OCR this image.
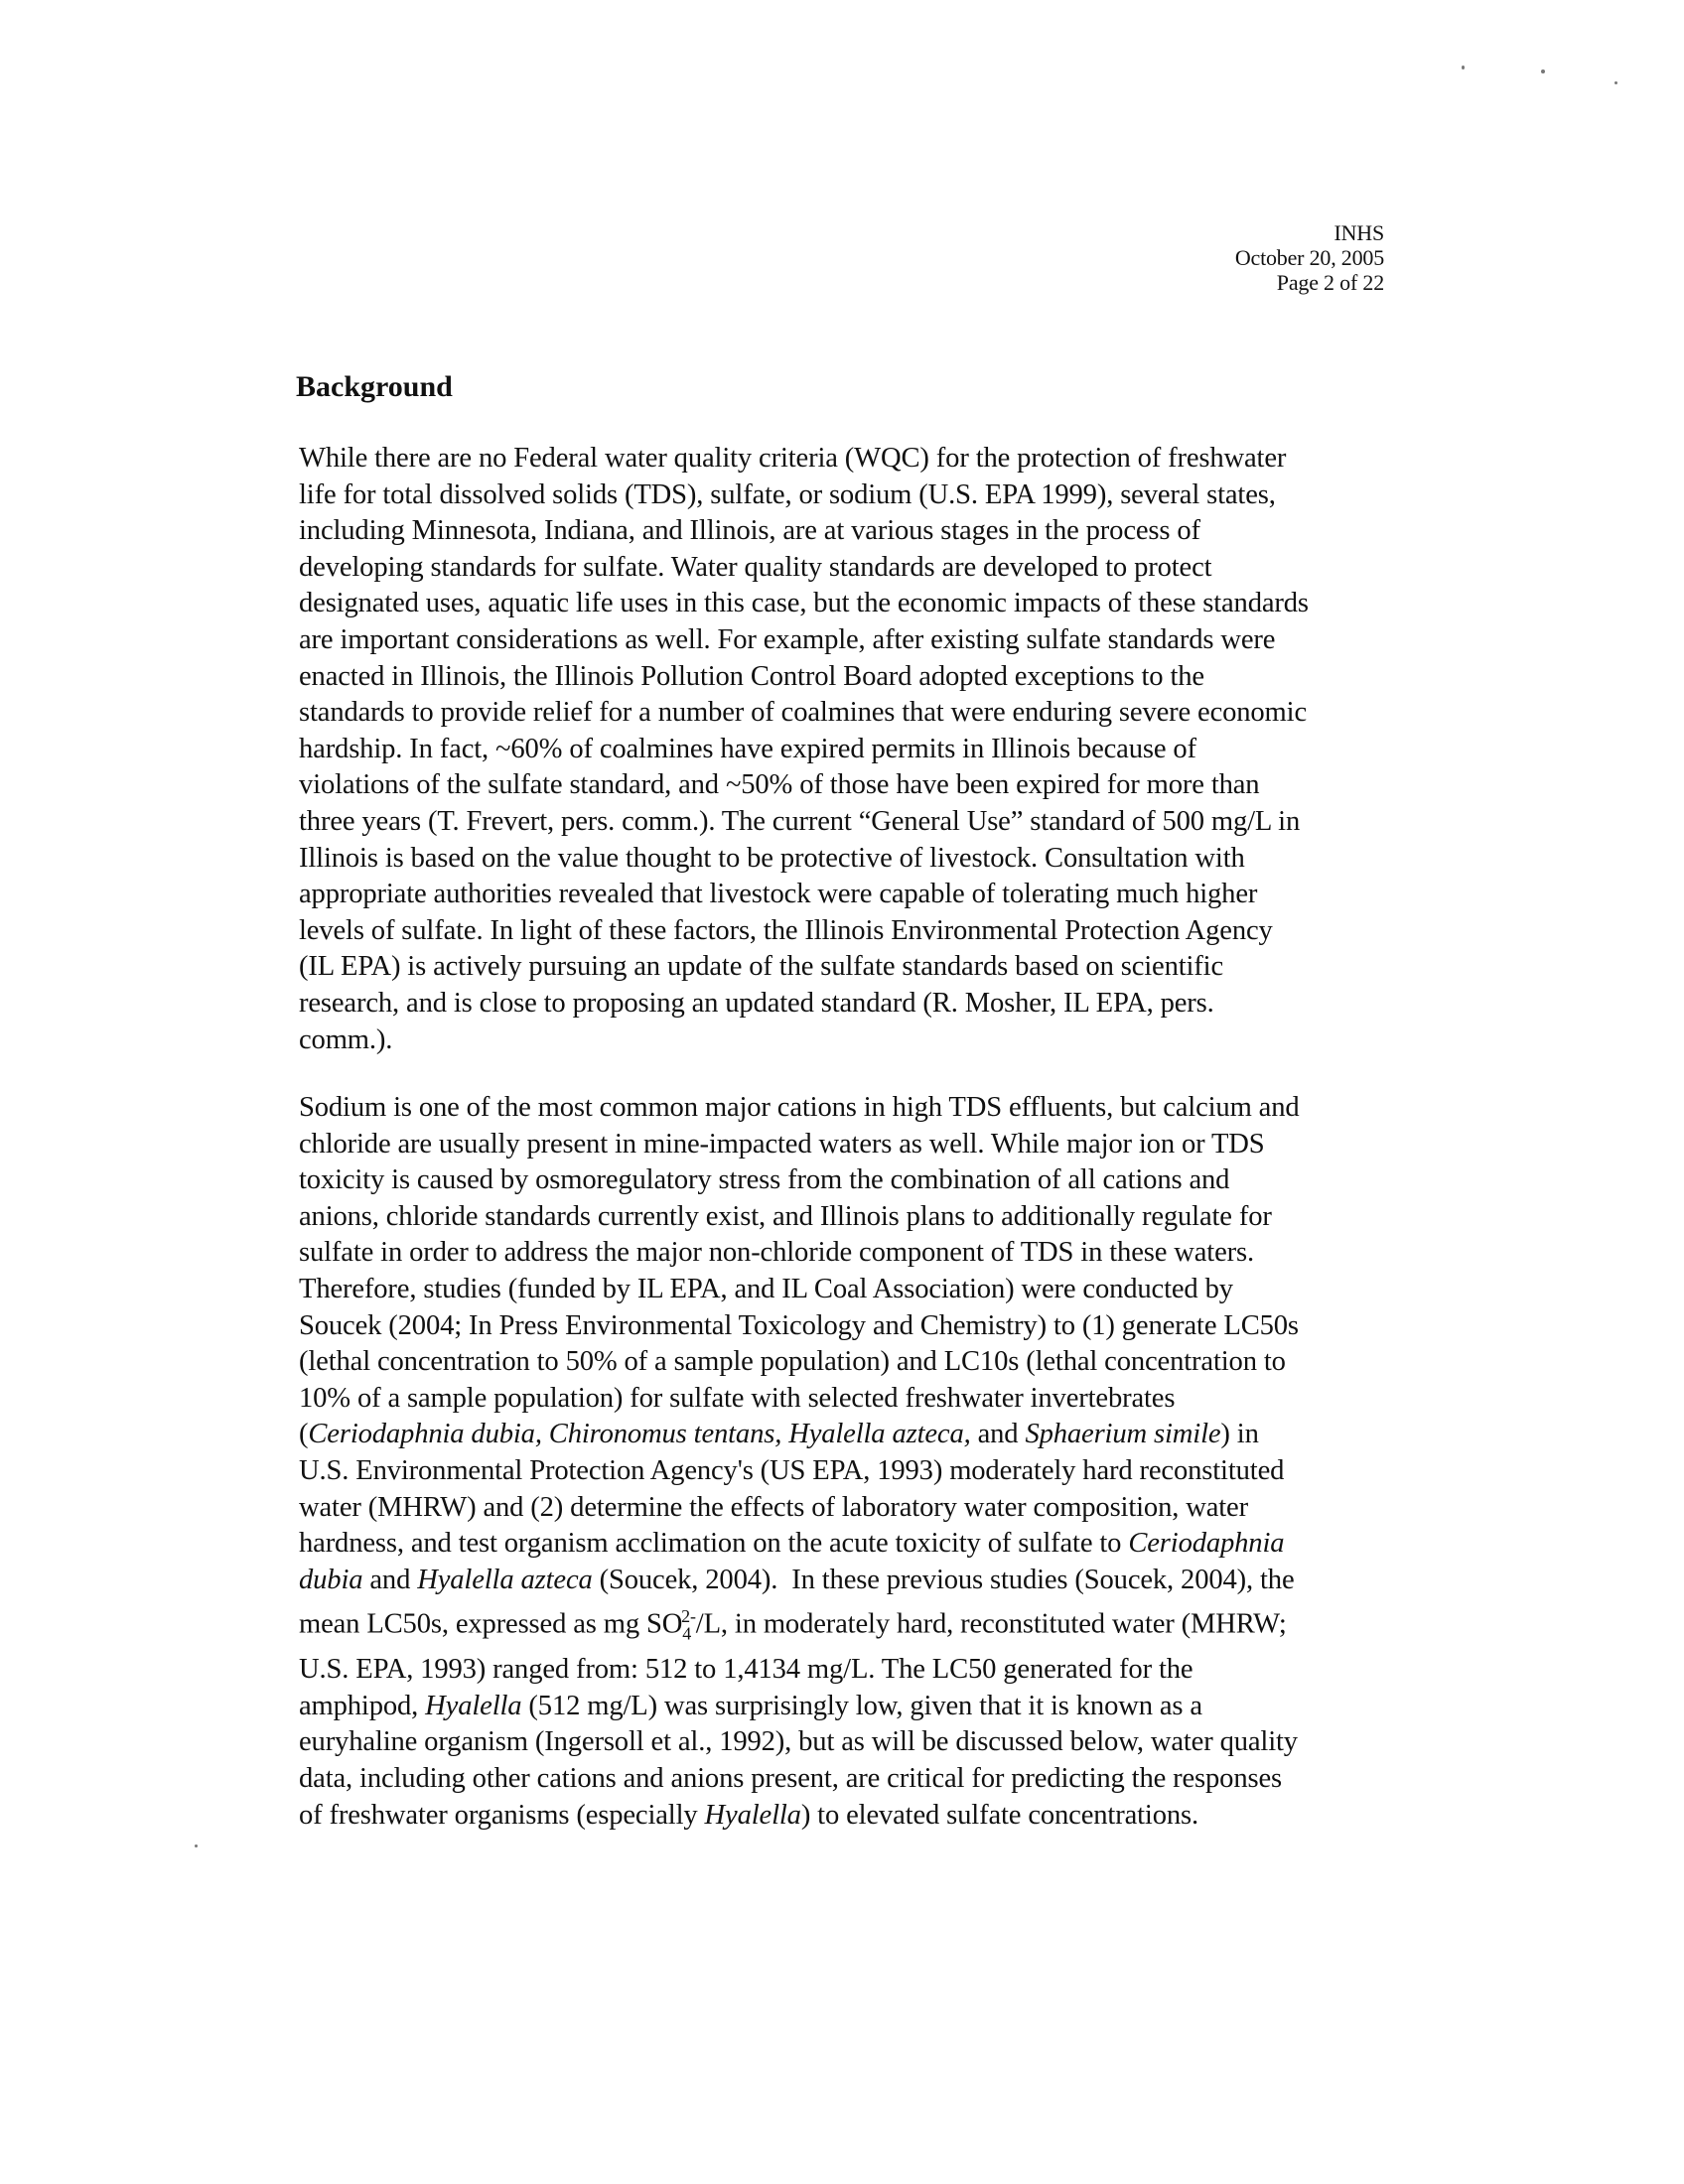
INHS
October 20, 2005
Page 2 of 22
Background

While there are no Federal water quality criteria (WQC) for the protection of freshwater
life for total dissolved solids (TDS), sulfate, or sodium (U.S. EPA 1999), several states,
including Minnesota, Indiana, and Illinois, are at various stages in the process of
developing standards for sulfate. Water quality standards are developed to protect
designated uses, aquatic life uses in this case, but the economic impacts of these standards
are important considerations as well. For example, after existing sulfate standards were
enacted in Illinois, the Illinois Pollution Control Board adopted exceptions to the
standards to provide relief for a number of coalmines that were enduring severe economic
hardship. In fact, ~60% of coalmines have expired permits in Illinois because of
violations of the sulfate standard, and ~50% of those have been expired for more than
three years (T. Frevert, pers. comm.). The current “General Use” standard of 500 mg/L in
Illinois is based on the value thought to be protective of livestock. Consultation with
appropriate authorities revealed that livestock were capable of tolerating much higher
levels of sulfate. In light of these factors, the Illinois Environmental Protection Agency
(IL EPA) is actively pursuing an update of the sulfate standards based on scientific
research, and is close to proposing an updated standard (R. Mosher, IL EPA, pers.
comm.).

Sodium is one of the most common major cations in high TDS effluents, but calcium and
chloride are usually present in mine-impacted waters as well. While major ion or TDS
toxicity is caused by osmoregulatory stress from the combination of all cations and
anions, chloride standards currently exist, and Illinois plans to additionally regulate for
sulfate in order to address the major non-chloride component of TDS in these waters.
Therefore, studies (funded by IL EPA, and IL Coal Association) were conducted by
Soucek (2004; In Press Environmental Toxicology and Chemistry) to (1) generate LC50s
(lethal concentration to 50% of a sample population) and LC10s (lethal concentration to
10% of a sample population) for sulfate with selected freshwater invertebrates
(Ceriodaphnia dubia, Chironomus tentans, Hyalella azteca, and Sphaerium simile) in
U.S. Environmental Protection Agency's (US EPA, 1993) moderately hard reconstituted
water (MHRW) and (2) determine the effects of laboratory water composition, water
hardness, and test organism acclimation on the acute toxicity of sulfate to Ceriodaphnia
dubia and Hyalella azteca (Soucek, 2004).  In these previous studies (Soucek, 2004), the
mean LC50s, expressed as mg $SO_4^{2-}/L$, in moderately hard, reconstituted water (MHRW;
U.S. EPA, 1993) ranged from: 512 to 1,4134 mg/L. The LC50 generated for the
amphipod, Hyalella (512 mg/L) was surprisingly low, given that it is known as a
euryhaline organism (Ingersoll et al., 1992), but as will be discussed below, water quality
data, including other cations and anions present, are critical for predicting the responses
of freshwater organisms (especially Hyalella) to elevated sulfate concentrations.
